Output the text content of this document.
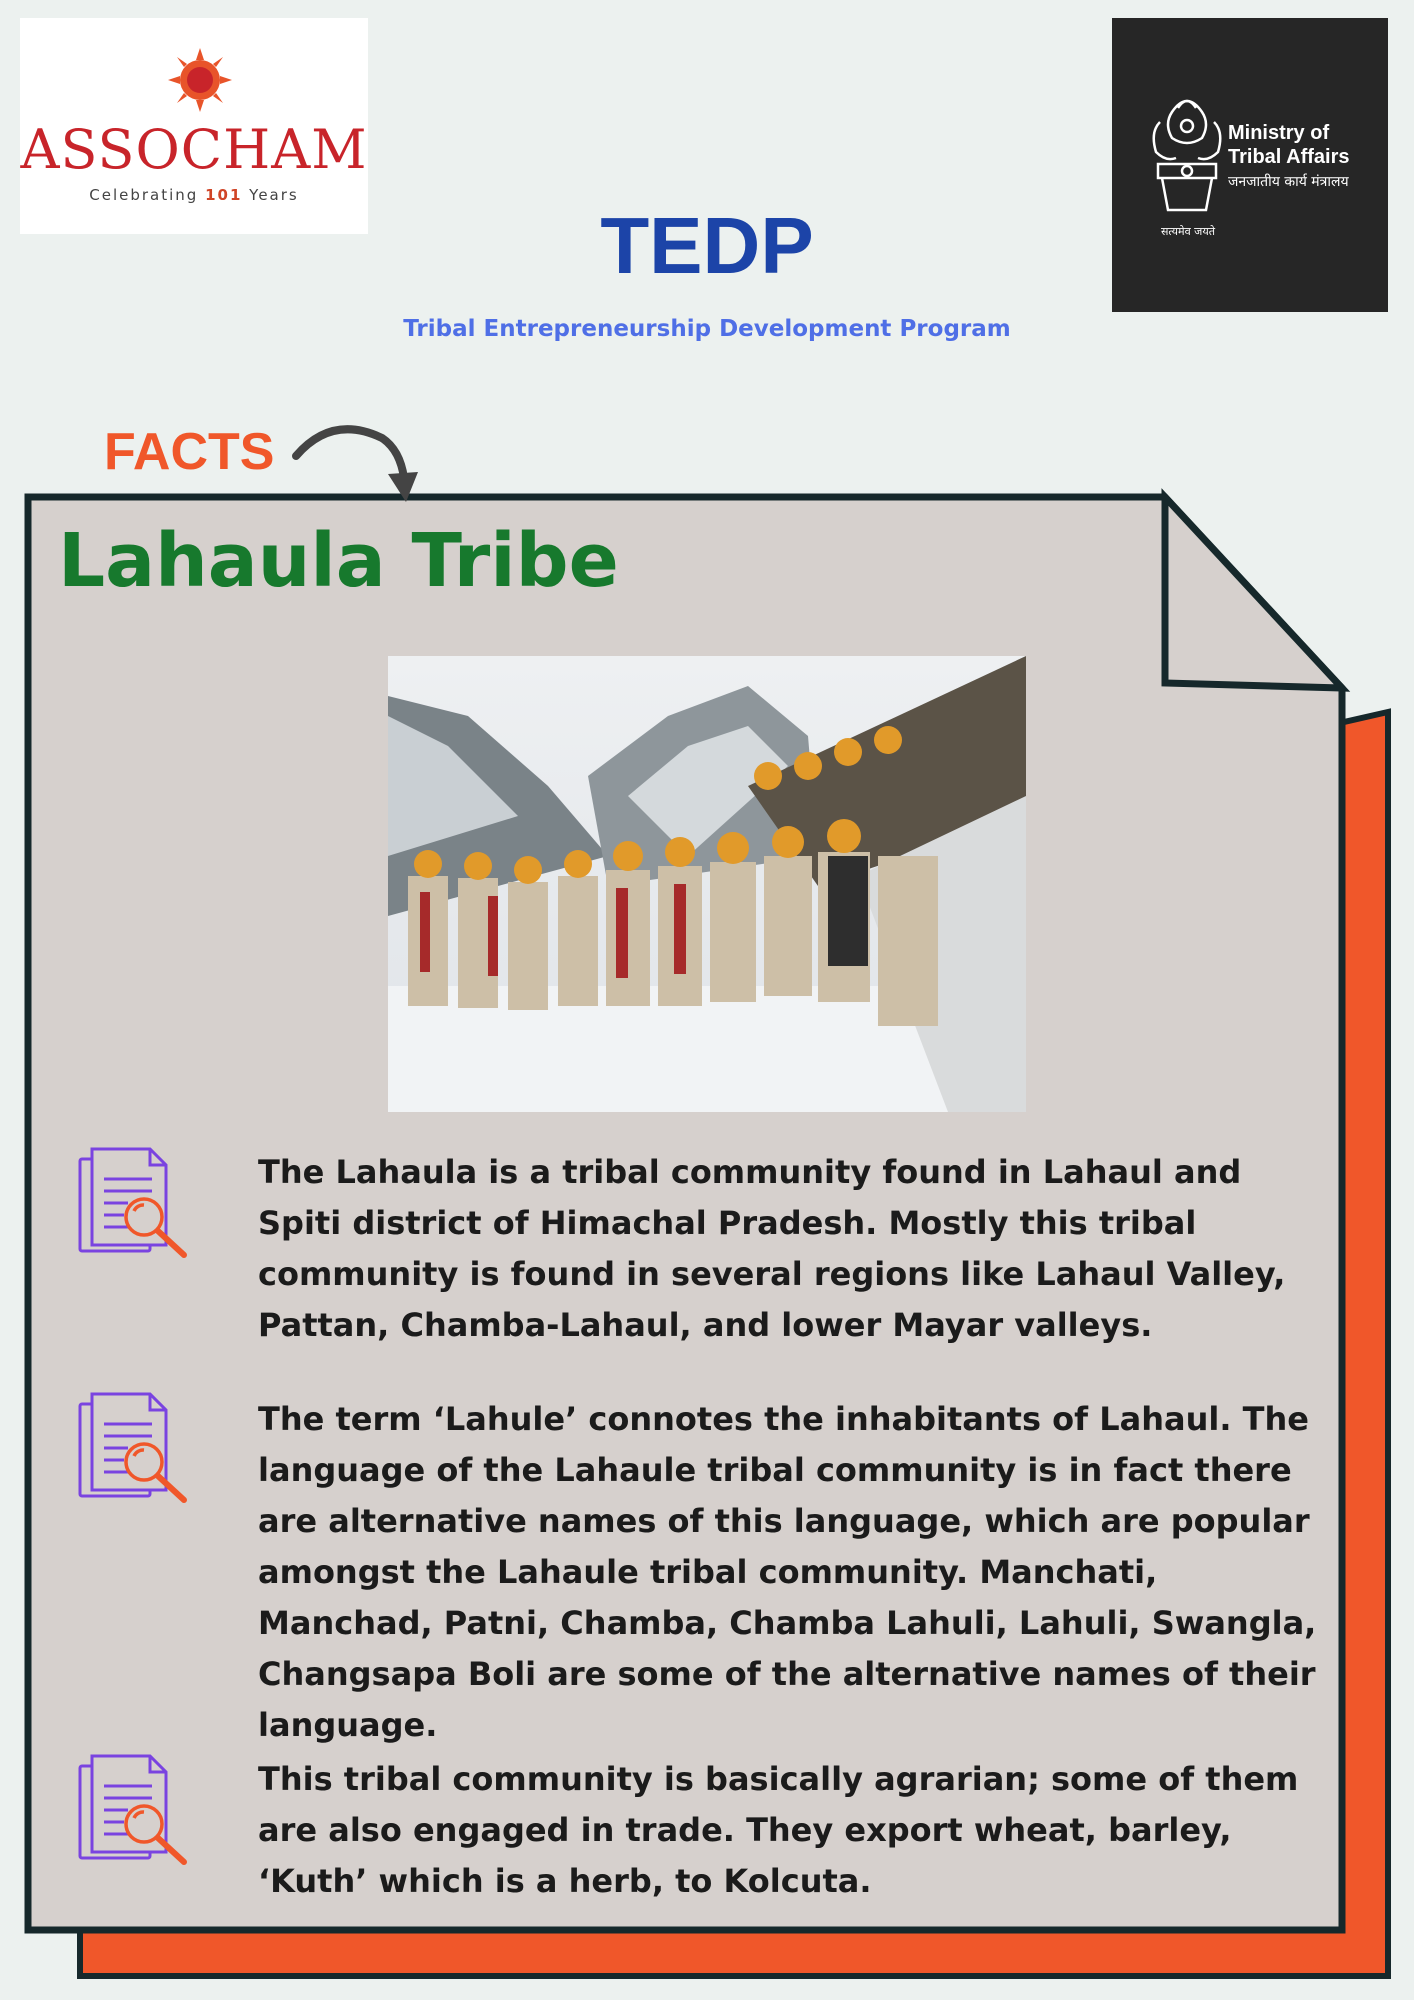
ASSOCHAM
Celebrating 101 Years
Ministry of
Tribal Affairs
जनजातीय कार्य मंत्रालय
सत्यमेव जयते
TEDP
Tribal Entrepreneurship Development Program
FACTS
Lahaula Tribe

The Lahaula is a tribal community found in Lahaul and Spiti district of Himachal Pradesh. Mostly this tribal community is found in several regions like Lahaul Valley, Pattan, Chamba-Lahaul, and lower Mayar valleys.

The term ‘Lahule’ connotes the inhabitants of Lahaul. The language of the Lahaule tribal community is in fact there are alternative names of this language, which are popular amongst the Lahaule tribal community. Manchati, Manchad, Patni, Chamba, Chamba Lahuli, Lahuli, Swangla, Changsapa Boli are some of the alternative names of their language.

This tribal community is basically agrarian; some of them are also engaged in trade. They export wheat, barley, ‘Kuth’ which is a herb, to Kolcuta.
